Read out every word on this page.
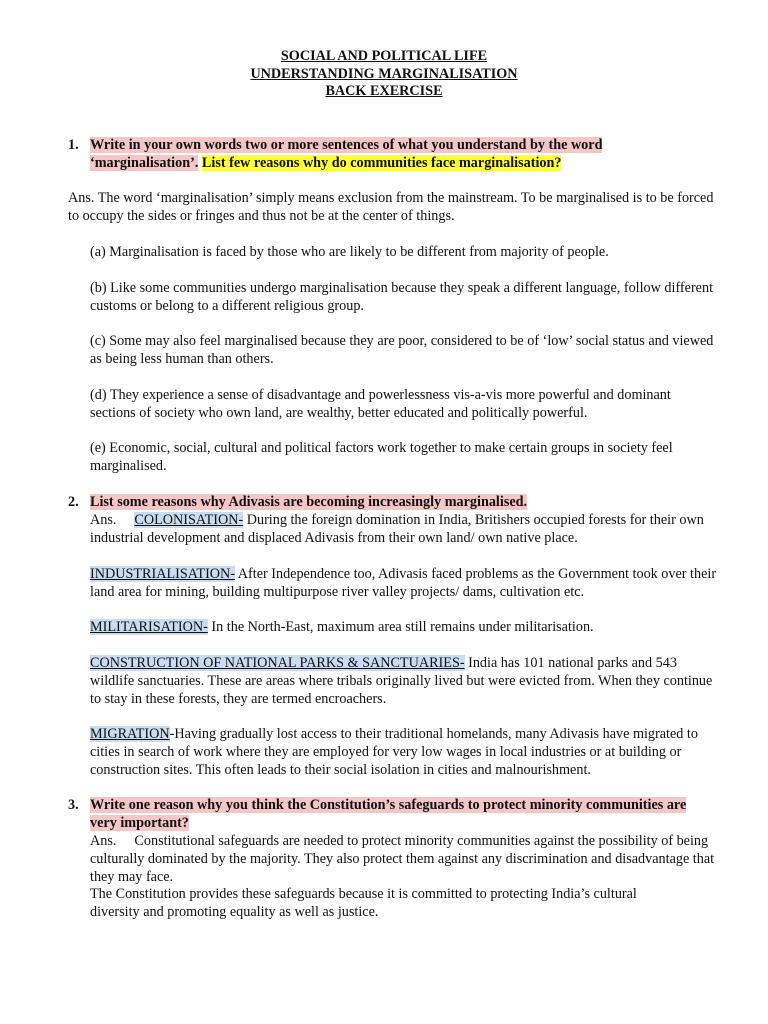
SOCIAL AND POLITICAL LIFE
UNDERSTANDING MARGINALISATION
BACK EXERCISE
1. Write in your own words two or more sentences of what you understand by the word ‘marginalisation’. List few reasons why do communities face marginalisation?

Ans. The word ‘marginalisation’ simply means exclusion from the mainstream. To be marginalised is to be forced to occupy the sides or fringes and thus not be at the center of things.

(a) Marginalisation is faced by those who are likely to be different from majority of people.

(b) Like some communities undergo marginalisation because they speak a different language, follow different customs or belong to a different religious group.

(c) Some may also feel marginalised because they are poor, considered to be of ‘low’ social status and viewed as being less human than others.

(d) They experience a sense of disadvantage and powerlessness vis-a-vis more powerful and dominant sections of society who own land, are wealthy, better educated and politically powerful.

(e) Economic, social, cultural and political factors work together to make certain groups in society feel marginalised.

2. List some reasons why Adivasis are becoming increasingly marginalised.

Ans. COLONISATION- During the foreign domination in India, Britishers occupied forests for their own industrial development and displaced Adivasis from their own land/ own native place.

INDUSTRIALISATION- After Independence too, Adivasis faced problems as the Government took over their land area for mining, building multipurpose river valley projects/ dams, cultivation etc.

MILITARISATION- In the North-East, maximum area still remains under militarisation.

CONSTRUCTION OF NATIONAL PARKS & SANCTUARIES- India has 101 national parks and 543 wildlife sanctuaries. These are areas where tribals originally lived but were evicted from. When they continue to stay in these forests, they are termed encroachers.

MIGRATION-Having gradually lost access to their traditional homelands, many Adivasis have migrated to cities in search of work where they are employed for very low wages in local industries or at building or construction sites. This often leads to their social isolation in cities and malnourishment.

3. Write one reason why you think the Constitution’s safeguards to protect minority communities are very important?

Ans. Constitutional safeguards are needed to protect minority communities against the possibility of being culturally dominated by the majority. They also protect them against any discrimination and disadvantage that they may face.

The Constitution provides these safeguards because it is committed to protecting India’s cultural diversity and promoting equality as well as justice.
